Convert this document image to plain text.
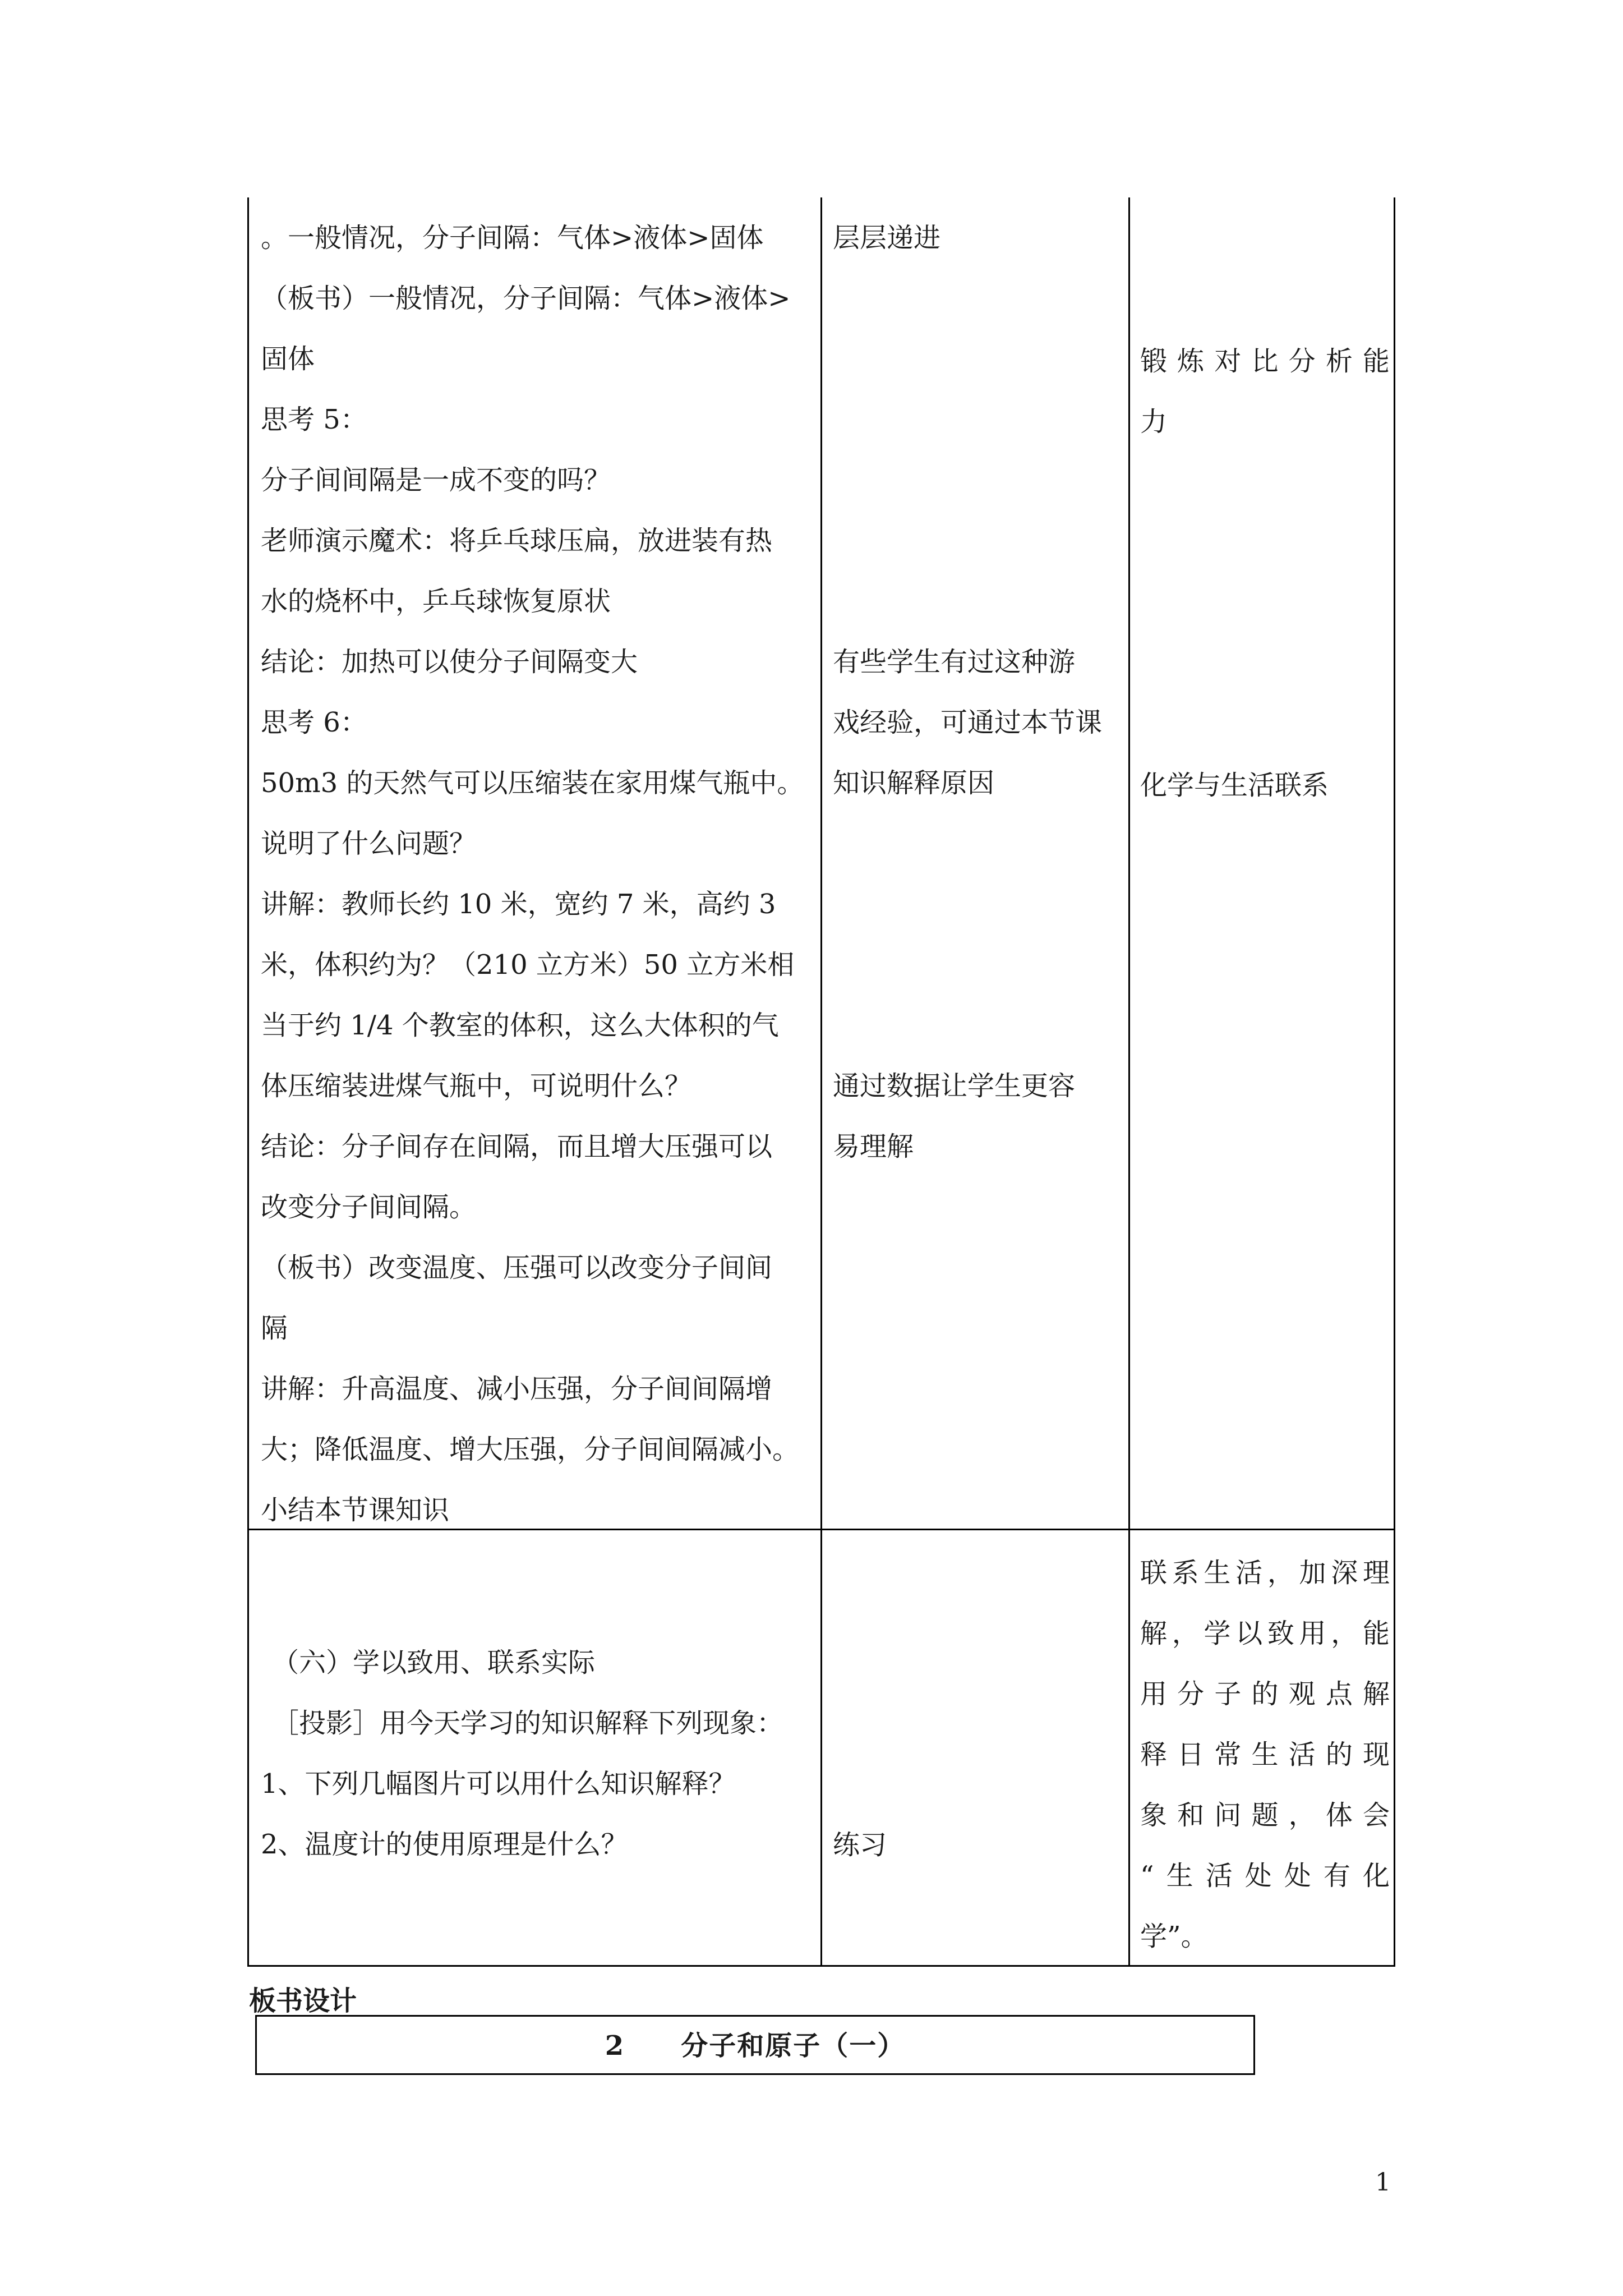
。一般情况，分子间隔：气体>液体>固体
（板书）一般情况，分子间隔：气体>液体>
固体
思考 5：
分子间间隔是一成不变的吗？
老师演示魔术：将乒乓球压扁，放进装有热
水的烧杯中，乒乓球恢复原状
结论：加热可以使分子间隔变大
思考 6：
50m3 的天然气可以压缩装在家用煤气瓶中。
说明了什么问题？
讲解：教师长约 10 米，宽约 7 米，高约 3
米，体积约为？（210 立方米）50 立方米相
当于约 1/4 个教室的体积，这么大体积的气
体压缩装进煤气瓶中，可说明什么？
结论：分子间存在间隔，而且增大压强可以
改变分子间间隔。
（板书）改变温度、压强可以改变分子间间
隔
讲解：升高温度、减小压强，分子间间隔增
大；降低温度、增大压强，分子间间隔减小。
小结本节课知识
层层递进
有些学生有过这种游
戏经验，可通过本节课
知识解释原因
通过数据让学生更容
易理解
锻炼对比分析能
力
化学与生活联系
（六）学以致用、联系实际
［投影］用今天学习的知识解释下列现象：
1、下列几幅图片可以用什么知识解释？
2、温度计的使用原理是什么？	练习
联系生活，加深理
解，学以致用，能
用分子的观点解
释日常生活的现
象和问题，体会
“生活处处有化
学”。
板书设计
2　　分子和原子（一）
1
